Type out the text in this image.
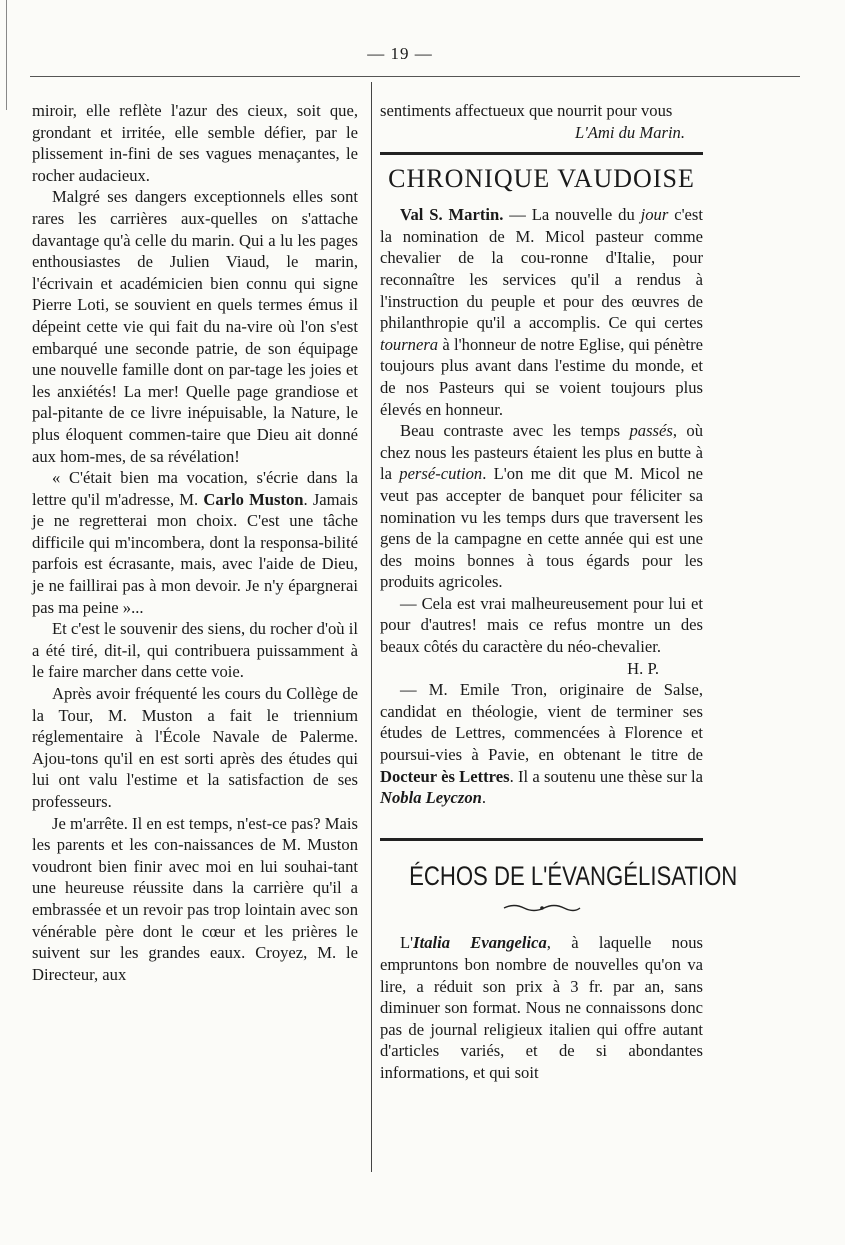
— 19 —

miroir, elle reflète l'azur des cieux, soit que, grondant et irritée, elle semble défier, par le plissement in-fini de ses vagues menaçantes, le rocher audacieux.

Malgré ses dangers exceptionnels elles sont rares les carrières aux-quelles on s'attache davantage qu'à celle du marin. Qui a lu les pages enthousiastes de Julien Viaud, le marin, l'écrivain et académicien bien connu qui signe Pierre Loti, se souvient en quels termes émus il dépeint cette vie qui fait du na-vire où l'on s'est embarqué une seconde patrie, de son équipage une nouvelle famille dont on par-tage les joies et les anxiétés! La mer! Quelle page grandiose et pal-pitante de ce livre inépuisable, la Nature, le plus éloquent commen-taire que Dieu ait donné aux hom-mes, de sa révélation!

« C'était bien ma vocation, s'écrie dans la lettre qu'il m'adresse, M. Carlo Muston. Jamais je ne regretterai mon choix. C'est une tâche difficile qui m'incombera, dont la responsa-bilité parfois est écrasante, mais, avec l'aide de Dieu, je ne faillirai pas à mon devoir. Je n'y épargnerai pas ma peine »...

Et c'est le souvenir des siens, du rocher d'où il a été tiré, dit-il, qui contribuera puissamment à le faire marcher dans cette voie.

Après avoir fréquenté les cours du Collège de la Tour, M. Muston a fait le triennium réglementaire à l'École Navale de Palerme. Ajou-tons qu'il en est sorti après des études qui lui ont valu l'estime et la satisfaction de ses professeurs.

Je m'arrête. Il en est temps, n'est-ce pas? Mais les parents et les con-naissances de M. Muston voudront bien finir avec moi en lui souhai-tant une heureuse réussite dans la carrière qu'il a embrassée et un revoir pas trop lointain avec son vénérable père dont le cœur et les prières le suivent sur les grandes eaux. Croyez, M. le Directeur, aux

sentiments affectueux que nourrit pour vous

L'Ami du Marin.
CHRONIQUE VAUDOISE

Val S. Martin. — La nouvelle du jour c'est la nomination de M. Micol pasteur comme chevalier de la cou-ronne d'Italie, pour reconnaître les services qu'il a rendus à l'instruction du peuple et pour des œuvres de philanthropie qu'il a accomplis. Ce qui certes tournera à l'honneur de notre Eglise, qui pénètre toujours plus avant dans l'estime du monde, et de nos Pasteurs qui se voient toujours plus élevés en honneur.

Beau contraste avec les temps passés, où chez nous les pasteurs étaient les plus en butte à la persé-cution. L'on me dit que M. Micol ne veut pas accepter de banquet pour féliciter sa nomination vu les temps durs que traversent les gens de la campagne en cette année qui est une des moins bonnes à tous égards pour les produits agricoles.

— Cela est vrai malheureusement pour lui et pour d'autres! mais ce refus montre un des beaux côtés du caractère du néo-chevalier.

H. P.

— M. Emile Tron, originaire de Salse, candidat en théologie, vient de terminer ses études de Lettres, commencées à Florence et poursui-vies à Pavie, en obtenant le titre de Docteur ès Lettres. Il a soutenu une thèse sur la Nobla Leyczon.

ÉCHOS DE L'ÉVANGÉLISATION

L'Italia Evangelica, à laquelle nous empruntons bon nombre de nouvelles qu'on va lire, a réduit son prix à 3 fr. par an, sans diminuer son format. Nous ne connaissons donc pas de journal religieux italien qui offre autant d'articles variés, et de si abondantes informations, et qui soit
